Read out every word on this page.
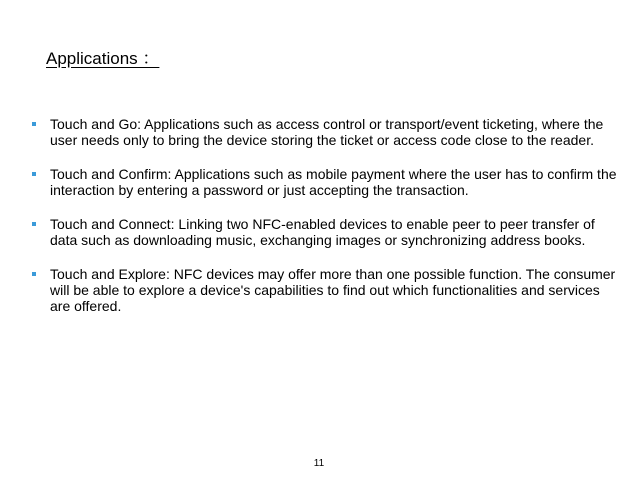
Applications ：
Touch and Go: Applications such as access control or transport/event ticketing, where the user needs only to bring the device storing the ticket or access code close to the reader.
Touch and Confirm: Applications such as mobile payment where the user has to confirm the interaction by entering a password or just accepting the transaction.
Touch and Connect: Linking two NFC-enabled devices to enable peer to peer transfer of data such as downloading music, exchanging images or synchronizing address books.
Touch and Explore: NFC devices may offer more than one possible function. The consumer will be able to explore a device's capabilities to find out which functionalities and services are offered.
11
